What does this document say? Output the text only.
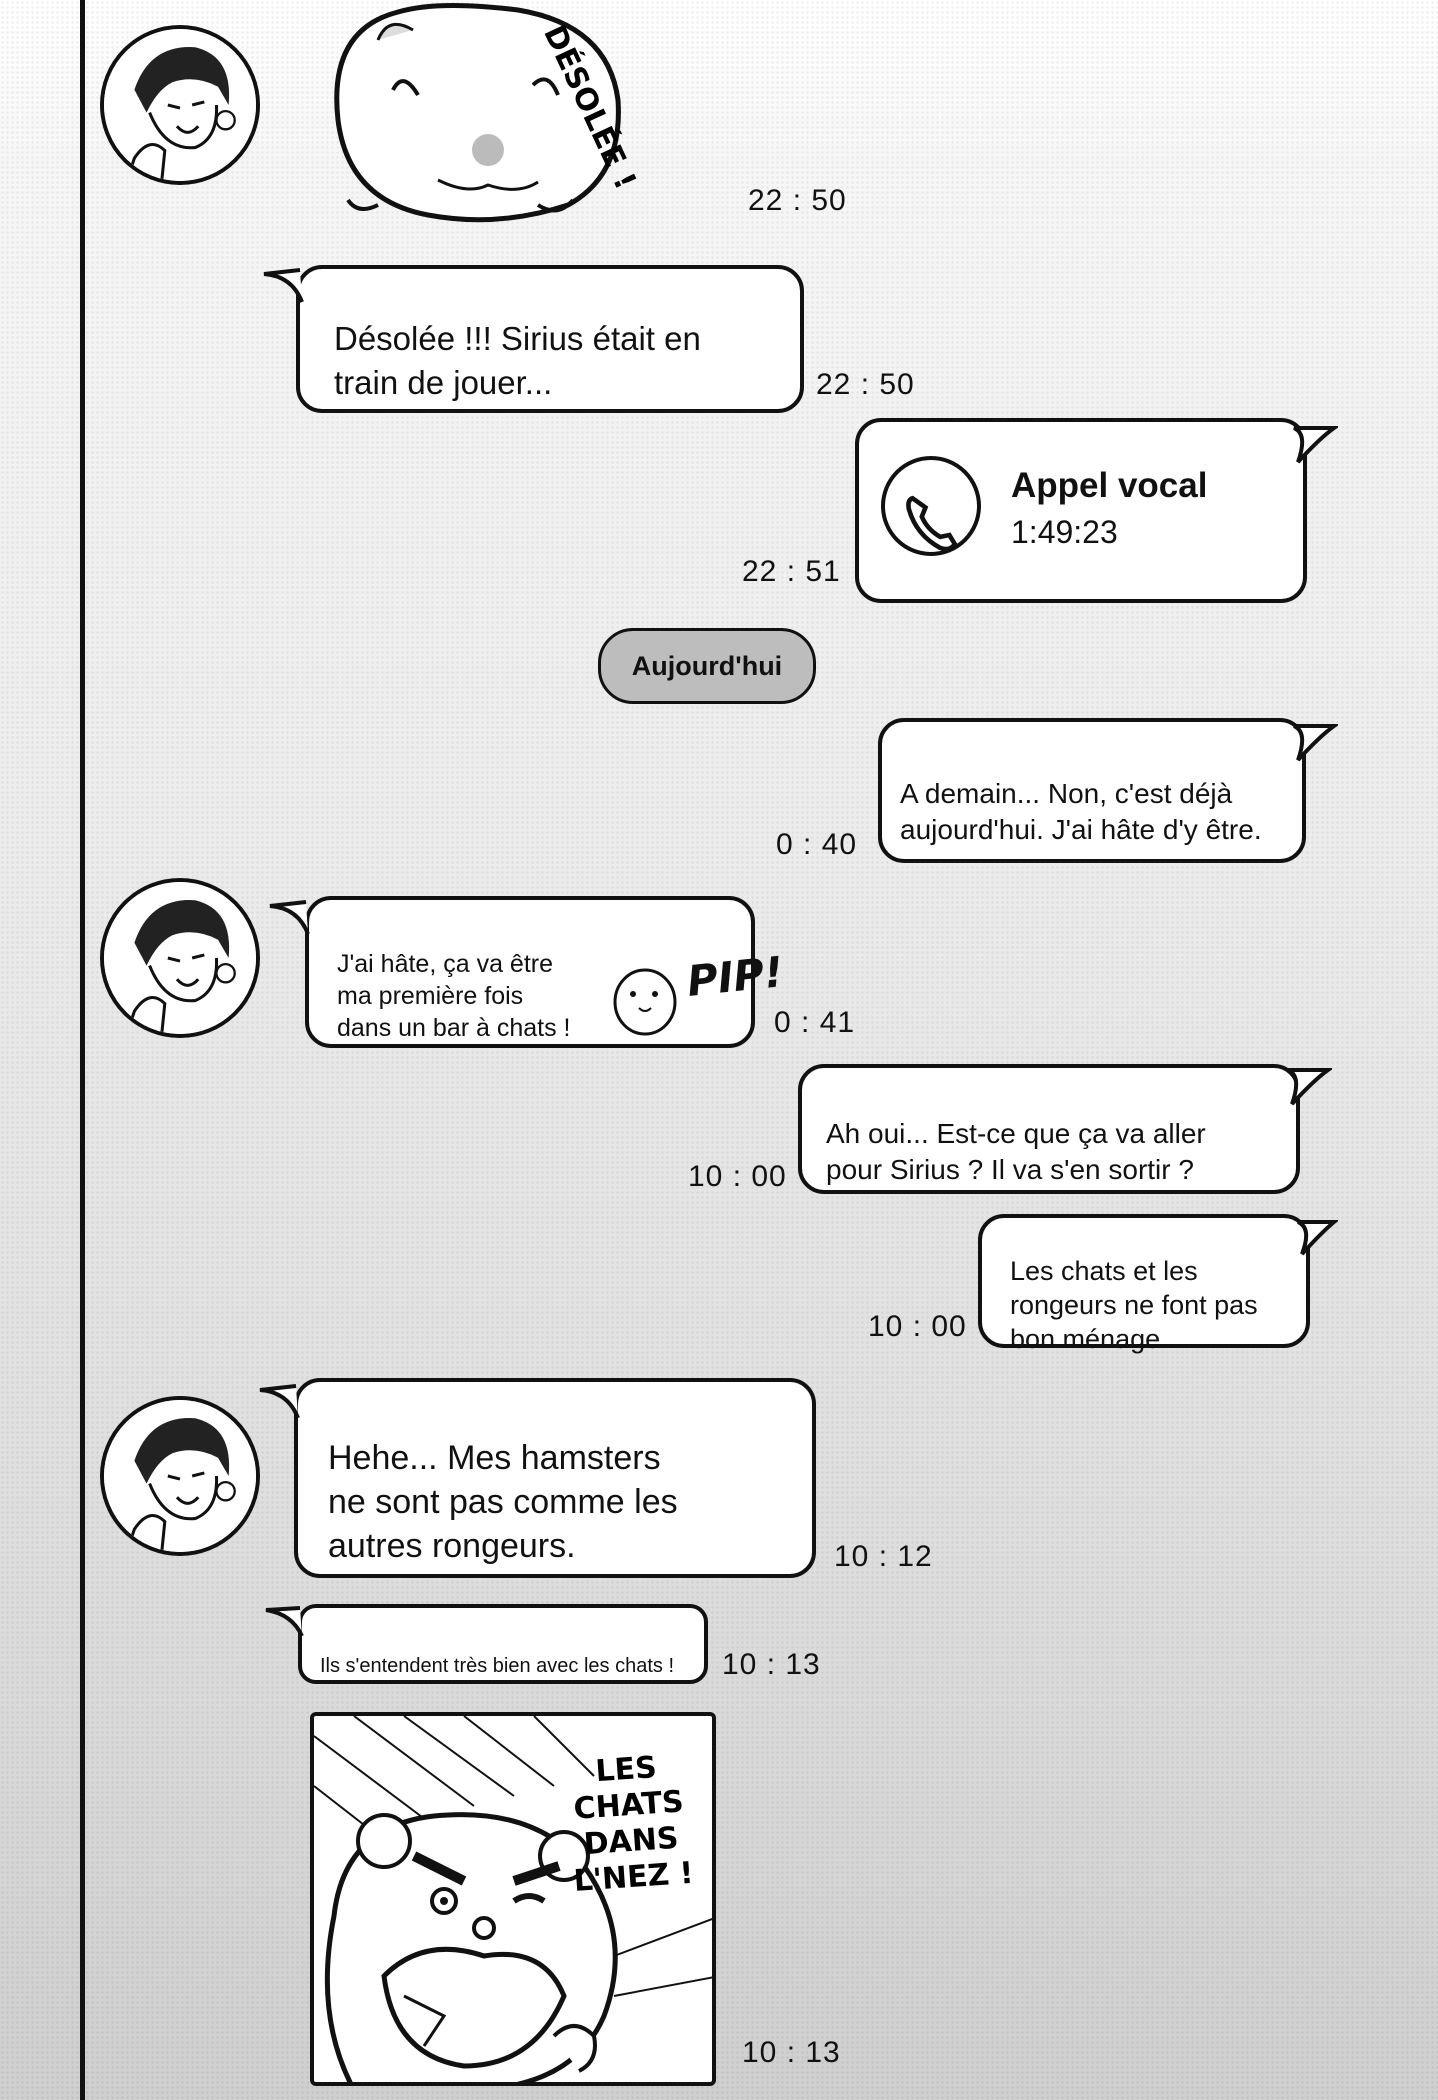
DÉSOLÉE !
22 : 50

Désolée !!! Sirius était en
train de jouer...	22 : 50

Appel vocal

1:49:23

22 : 51
Aujourd'hui

A demain... Non, c'est déjà
aujourd'hui. J'ai hâte d'y être.

0 : 40

J'ai hâte, ça va être
ma première fois
dans un bar à chats !

PIP!

0 : 41

Ah oui... Est-ce que ça va aller
pour Sirius ? Il va s'en sortir ?

10 : 00

Les chats et les
rongeurs ne font pas
bon ménage...

10 : 00

Hehe... Mes hamsters
ne sont pas comme les
autres rongeurs.	10 : 12

Ils s'entendent très bien avec les chats !	10 : 13
LES
CHATS
DANS
L'NEZ !
10 : 13
